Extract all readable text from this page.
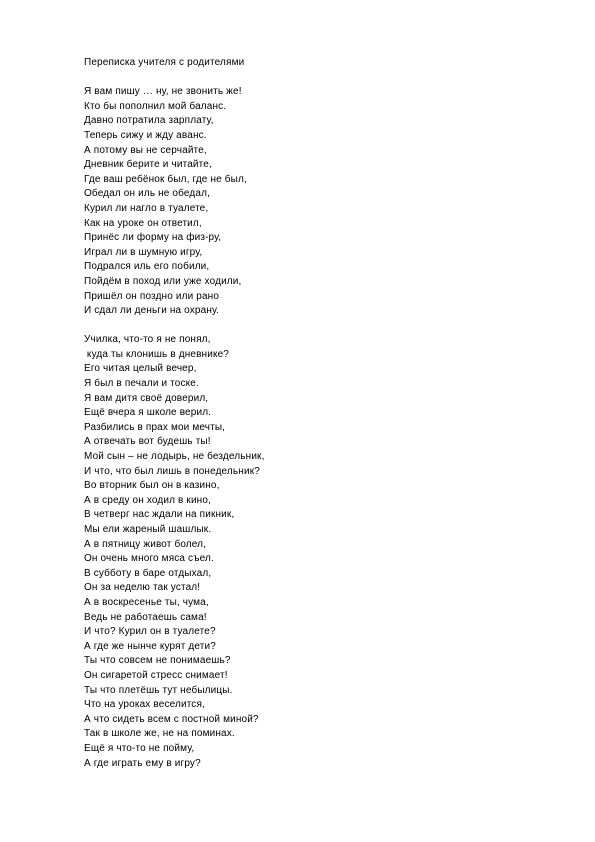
Переписка учителя с родителями
Я вам пишу … ну, не звонить же!
Кто бы пополнил мой баланс.
Давно потратила зарплату,
Теперь сижу и жду аванс.
А потому вы не серчайте,
Дневник берите и читайте,
Где ваш ребёнок был, где не был,
Обедал он иль не обедал,
Курил ли нагло в туалете,
Как на уроке он ответил,
Принёс ли форму на физ-ру,
Играл ли в шумную игру,
Подрался иль его побили,
Пойдём в поход или уже ходили,
Пришёл он поздно или рано
И сдал ли деньги на охрану.
Училка, что-то я не понял,
куда ты клонишь в дневнике?
Его читая целый вечер,
Я был в печали и тоске.
Я вам дитя своё доверил,
Ещё вчера я школе верил.
Разбились в прах мои мечты,
А отвечать вот будешь ты!
Мой сын – не лодырь, не бездельник,
И что, что был лишь в понедельник?
Во вторник был он в казино,
А в среду он ходил в кино,
В четверг нас ждали на пикник,
Мы ели жареный шашлык.
А в пятницу живот болел,
Он очень много мяса съел.
В субботу в баре отдыхал,
Он за неделю так устал!
А в воскресенье ты, чума,
Ведь не работаешь сама!
И что? Курил он в туалете?
А где же нынче курят дети?
Ты что совсем не понимаешь?
Он сигаретой стресс снимает!
Ты что плетёшь тут небылицы.
Что на уроках веселится,
А что сидеть всем с постной миной?
Так в школе же, не на поминах.
Ещё я что-то не пойму,
А где играть ему в игру?
